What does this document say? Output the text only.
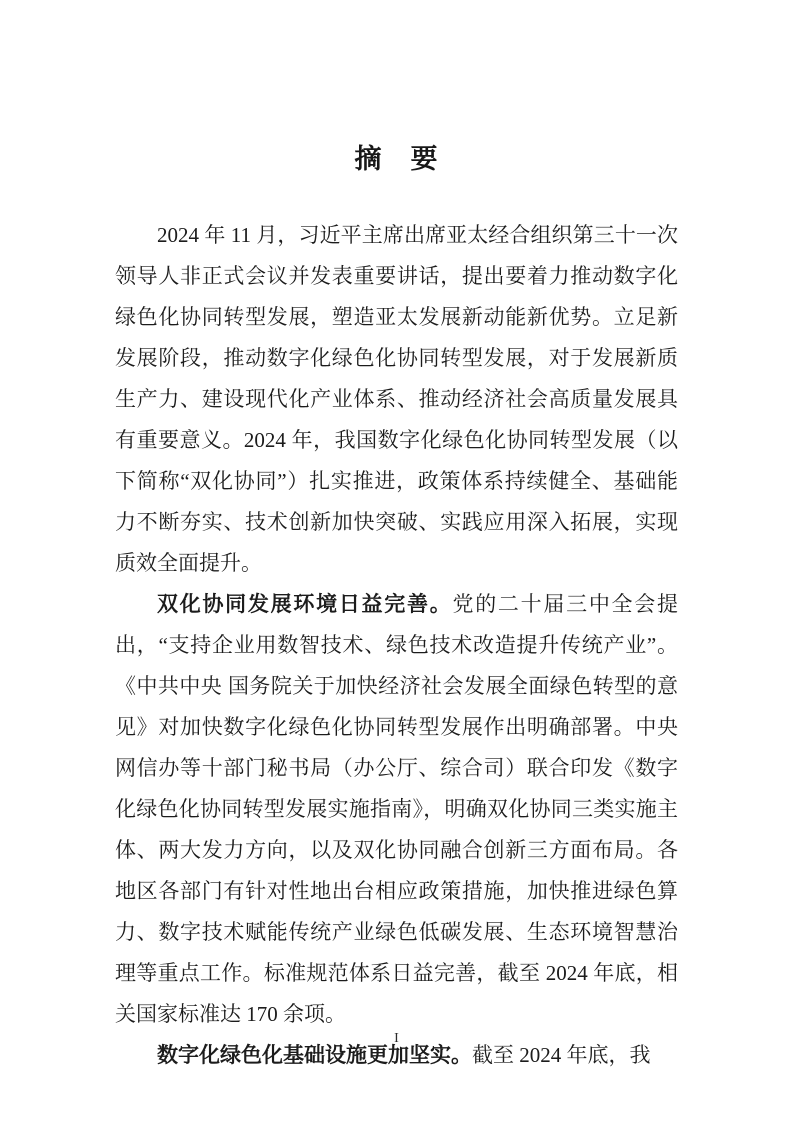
摘　要

2024 年 11 月，习近平主席出席亚太经合组织第三十一次领导人非正式会议并发表重要讲话，提出要着力推动数字化绿色化协同转型发展，塑造亚太发展新动能新优势。立足新发展阶段，推动数字化绿色化协同转型发展，对于发展新质生产力、建设现代化产业体系、推动经济社会高质量发展具有重要意义。2024 年，我国数字化绿色化协同转型发展（以下简称“双化协同”）扎实推进，政策体系持续健全、基础能力不断夯实、技术创新加快突破、实践应用深入拓展，实现质效全面提升。

双化协同发展环境日益完善。党的二十届三中全会提出，“支持企业用数智技术、绿色技术改造提升传统产业”。《中共中央 国务院关于加快经济社会发展全面绿色转型的意见》对加快数字化绿色化协同转型发展作出明确部署。中央网信办等十部门秘书局（办公厅、综合司）联合印发《数字化绿色化协同转型发展实施指南》，明确双化协同三类实施主体、两大发力方向，以及双化协同融合创新三方面布局。各地区各部门有针对性地出台相应政策措施，加快推进绿色算力、数字技术赋能传统产业绿色低碳发展、生态环境智慧治理等重点工作。标准规范体系日益完善，截至 2024 年底，相关国家标准达 170 余项。

数字化绿色化基础设施更加坚实。截至 2024 年底，我

I
